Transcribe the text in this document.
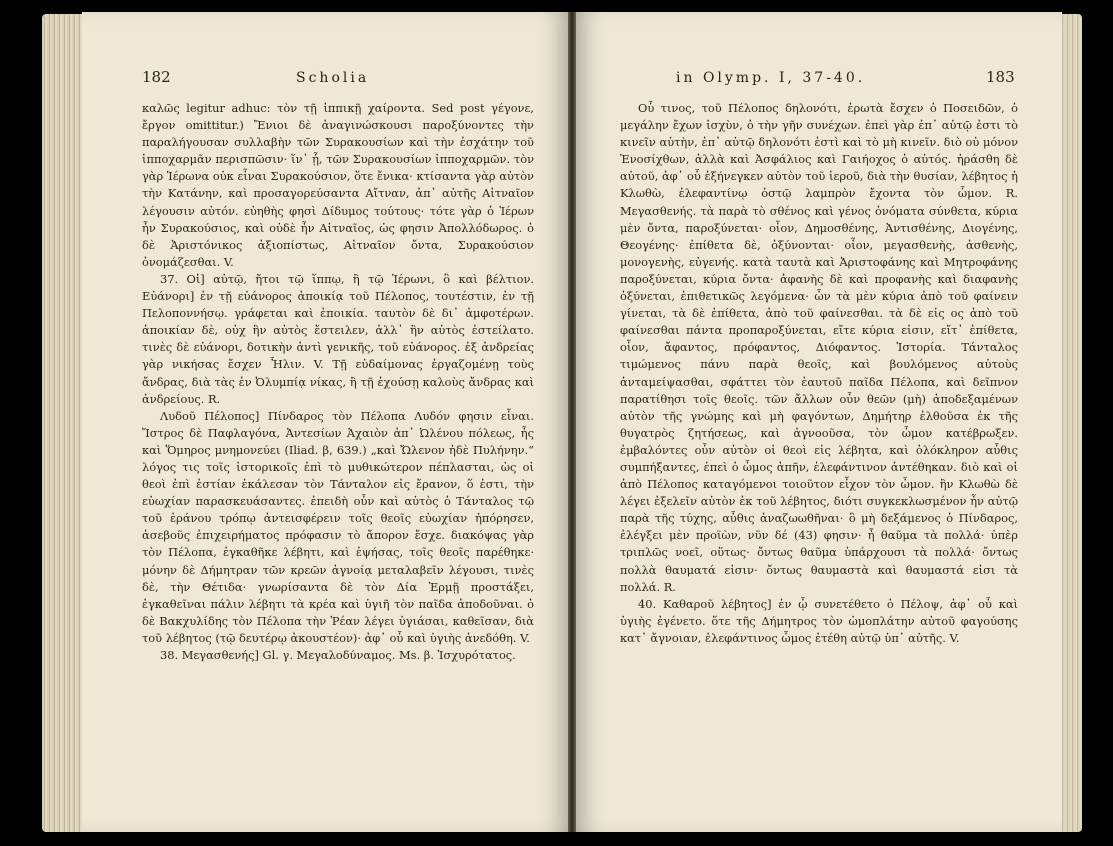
182	Scholia

καλῶς legitur adhuc: τὸν τῇ ἱππικῇ χαίροντα. Sed post γέγονε, ἔργον omittitur.) Ἔνιοι δὲ ἀναγινώσκουσι παροξύνοντες τὴν παραλήγουσαν συλλαβὴν τῶν Συρακουσίων καὶ τὴν ἐσχάτην τοῦ ἱπποχαρμᾶν περισπῶσιν· ἵν᾽ ᾖ, τῶν Συρακουσίων ἱπποχαρμῶν. τὸν γὰρ Ἱέρωνα οὐκ εἶναι Συρακούσιον, ὅτε ἔνικα· κτίσαντα γὰρ αὐτὸν τὴν Κατάνην, καὶ προσαγορεύσαντα Αἴτναν, ἀπ᾽ αὐτῆς Αἰτναῖον λέγουσιν αὐτόν. εὐηθὴς φησὶ Δίδυμος τούτους· τότε γὰρ ὁ Ἱέρων ἦν Συρακούσιος, καὶ οὐδὲ ἦν Αἰτναῖος, ὡς φησιν Ἀπολλόδωρος. ὁ δὲ Ἀριστόνικος ἀξιοπίστως, Αἰτναῖον ὄντα, Συρακούσιον ὀνομάζεσθαι. V.

37. Οἱ] αὐτῷ, ἤτοι τῷ ἵππῳ, ἢ τῷ Ἱέρωνι, ὃ καὶ βέλτιον. Εὐάνορι] ἐν τῇ εὐάνορος ἀποικίᾳ τοῦ Πέλοπος, τουτέστιν, ἐν τῇ Πελοποννήσῳ. γράφεται καὶ ἐποικία. ταυτὸν δὲ δι᾽ ἀμφοτέρων. ἀποικίαν δὲ, οὐχ ἣν αὐτὸς ἔστειλεν, ἀλλ᾽ ἣν αὐτὸς ἐστείλατο. τινὲς δὲ εὐάνορι, δοτικὴν ἀντὶ γενικῆς, τοῦ εὐάνορος. ἐξ ἀνδρείας γὰρ νικήσας ἔσχεν Ἦλιν. V. Τῇ εὐδαίμονας ἐργαζομένῃ τοὺς ἄνδρας, διὰ τὰς ἐν Ὀλυμπίᾳ νίκας, ἢ τῇ ἐχούσῃ καλοὺς ἄνδρας καὶ ἀνδρείους. R.

Λυδοῦ Πέλοπος] Πίνδαρος τὸν Πέλοπα Λυδόν φησιν εἶναι. Ἴστρος δὲ Παφλαγόνα, Ἀντεσίων Ἀχαιὸν ἀπ᾽ Ὠλένου πόλεως, ἧς καὶ Ὅμηρος μνημονεύει (Iliad. β, 639.) „καὶ Ὤλενον ἠδὲ Πυλήνην.“ λόγος τις τοῖς ἱστορικοῖς ἐπὶ τὸ μυθικώτερον πέπλασται, ὡς οἱ θεοὶ ἐπὶ ἑστίαν ἐκάλεσαν τὸν Τάνταλον εἰς ἔρανον, ὅ ἐστι, τὴν εὐωχίαν παρασκευάσαντες. ἐπειδὴ οὖν καὶ αὐτὸς ὁ Τάνταλος τῷ τοῦ ἐράνου τρόπῳ ἀντεισφέρειν τοῖς θεοῖς εὐωχίαν ἠπόρησεν, ἀσεβοῦς ἐπιχειρήματος πρόφασιν τὸ ἄπορον ἔσχε. διακόψας γὰρ τὸν Πέλοπα, ἐγκαθῆκε λέβητι, καὶ ἑψήσας, τοῖς θεοῖς παρέθηκε· μόνην δὲ Δήμητραν τῶν κρεῶν ἀγνοίᾳ μεταλαβεῖν λέγουσι, τινὲς δὲ, τὴν Θέτιδα· γνωρίσαντα δὲ τὸν Δία Ἑρμῇ προστάξει, ἐγκαθεῖναι πάλιν λέβητι τὰ κρέα καὶ ὑγιῆ τὸν παῖδα ἀποδοῦναι. ὁ δὲ Βακχυλίδης τὸν Πέλοπα τὴν Ῥέαν λέγει ὑγιάσαι, καθεῖσαν, διὰ τοῦ λέβητος (τῷ δευτέρῳ ἀκουστέον)· ἀφ᾽ οὗ καὶ ὑγιὴς ἀνεδόθη. V.

38. Μεγασθενής] Gl. γ. Μεγαλοδύναμος. Ms. β. Ἰσχυρότατος.

in Olymp. I, 37-40.	183

Οὗ τινος, τοῦ Πέλοπος δηλονότι, ἐρωτὰ ἔσχεν ὁ Ποσειδῶν, ὁ μεγάλην ἔχων ἰσχὺν, ὁ τὴν γῆν συνέχων. ἐπεὶ γὰρ ἐπ᾽ αὐτῷ ἐστι τὸ κινεῖν αὐτὴν, ἐπ᾽ αὐτῷ δηλονότι ἐστὶ καὶ τὸ μὴ κινεῖν. διὸ οὐ μόνον Ἐνοσίχθων, ἀλλὰ καὶ Ἀσφάλιος καὶ Γαιήοχος ὁ αὐτός. ἠράσθη δὲ αὐτοῦ, ἀφ᾽ οὗ ἐξήνεγκεν αὐτὸν τοῦ ἱεροῦ, διὰ τὴν θυσίαν, λέβητος ἡ Κλωθὼ, ἐλεφαντίνῳ ὀστῷ λαμπρὸν ἔχοντα τὸν ὦμον. R. Μεγασθενής. τὰ παρὰ τὸ σθένος καὶ γένος ὀνόματα σύνθετα, κύρια μὲν ὄντα, παροξύνεται· οἷον, Δημοσθένης, Ἀντισθένης, Διογένης, Θεογένης· ἐπίθετα δὲ, ὀξύνονται· οἷον, μεγασθενὴς, ἀσθενὴς, μονογενὴς, εὐγενής. κατὰ ταυτὰ καὶ Ἀριστοφάνης καὶ Μητροφάνης παροξύνεται, κύρια ὄντα· ἀφανὴς δὲ καὶ προφανὴς καὶ διαφανὴς ὀξύνεται, ἐπιθετικῶς λεγόμενα· ὧν τὰ μὲν κύρια ἀπὸ τοῦ φαίνειν γίνεται, τὰ δὲ ἐπίθετα, ἀπὸ τοῦ φαίνεσθαι. τὰ δὲ εἰς ος ἀπὸ τοῦ φαίνεσθαι πάντα προπαροξύνεται, εἴτε κύρια εἰσιν, εἴτ᾽ ἐπίθετα, οἷον, ἄφαντος, πρόφαντος, Διόφαντος. Ἱστορία. Τάνταλος τιμώμενος πάνυ παρὰ θεοῖς, καὶ βουλόμενος αὐτοὺς ἀνταμείψασθαι, σφάττει τὸν ἑαυτοῦ παῖδα Πέλοπα, καὶ δεῖπνον παρατίθησι τοῖς θεοῖς. τῶν ἄλλων οὖν θεῶν (μὴ) ἀποδεξαμένων αὐτὸν τῆς γνώμης καὶ μὴ φαγόντων, Δημήτηρ ἐλθοῦσα ἐκ τῆς θυγατρὸς ζητήσεως, καὶ ἀγνοοῦσα, τὸν ὦμον κατέβρωξεν. ἐμβαλόντες οὖν αὐτὸν οἱ θεοὶ εἰς λέβητα, καὶ ὁλόκληρον αὖθις συμπήξαντες, ἐπεὶ ὁ ὦμος ἀπῆν, ἐλεφάντινον ἀντέθηκαν. διὸ καὶ οἱ ἀπὸ Πέλοπος καταγόμενοι τοιοῦτον εἶχον τὸν ὦμον. ἢν Κλωθὼ δὲ λέγει ἐξελεῖν αὐτὸν ἐκ τοῦ λέβητος, διότι συγκεκλωσμένον ἦν αὐτῷ παρὰ τῆς τύχης, αὖθις ἀναζωωθῆναι· ὃ μὴ δεξάμενος ὁ Πίνδαρος, ἐλέγξει μὲν προϊὼν, νῦν δέ (43) φησιν· ἦ θαῦμα τὰ πολλά· ὑπὲρ τριπλῶς νοεῖ, οὕτως· ὄντως θαῦμα ὑπάρχουσι τὰ πολλά· ὄντως πολλὰ θαυματά εἰσιν· ὄντως θαυμαστὰ καὶ θαυμαστά εἰσι τὰ πολλά. R.

40. Καθαροῦ λέβητος] ἐν ᾧ συνετέθετο ὁ Πέλοψ, ἀφ᾽ οὗ καὶ ὑγιὴς ἐγένετο. ὅτε τῆς Δήμητρος τὸν ὠμοπλάτην αὐτοῦ φαγούσης κατ᾽ ἄγνοιαν, ἐλεφάντινος ὦμος ἐτέθη αὐτῷ ὑπ᾽ αὐτῆς. V.
